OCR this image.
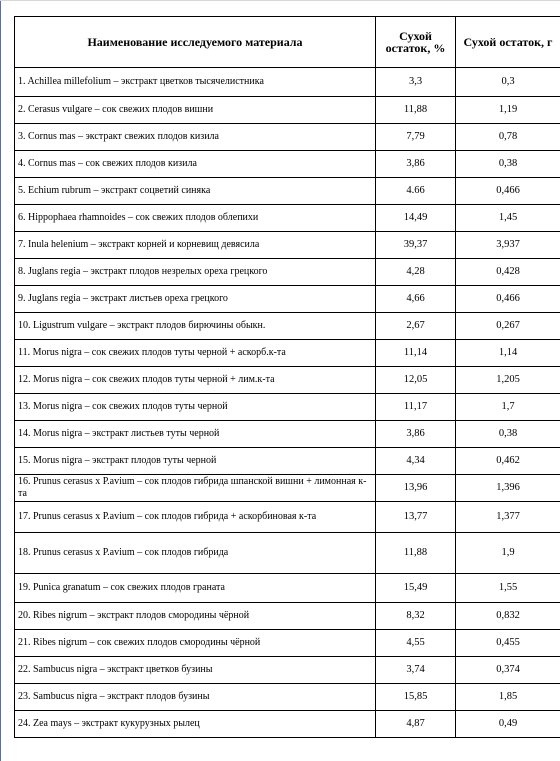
Наименование исследуемого материала	Сухой остаток, %	Сухой остаток, г
1. Achillea millefolium – экстракт цветков тысячелистника	3,3	0,3
2. Cerasus vulgare – сок свежих плодов вишни	11,88	1,19
3. Cornus mas – экстракт свежих плодов кизила	7,79	0,78
4. Cornus mas – сок свежих плодов кизила	3,86	0,38
5. Echium rubrum – экстракт соцветий синяка	4.66	0,466
6. Hippophaea rhamnoides – сок свежих плодов облепихи	14,49	1,45
7. Inula helenium – экстракт корней и корневищ девясила	39,37	3,937
8. Juglans regia – экстракт плодов незрелых ореха грецкого	4,28	0,428
9. Juglans regia – экстракт листьев ореха грецкого	4,66	0,466
10. Ligustrum vulgare – экстракт плодов бирючины обыкн.	2,67	0,267
11. Morus nigra – сок свежих плодов туты черной + аскорб.к-та	11,14	1,14
12. Morus nigra – сок свежих плодов туты черной + лим.к-та	12,05	1,205
13. Morus nigra – сок свежих плодов туты черной	11,17	1,7
14. Morus nigra – экстракт листьев туты черной	3,86	0,38
15. Morus nigra – экстракт плодов туты черной	4,34	0,462
16. Prunus cerasus x P.avium – сок плодов гибрида шпанской вишни + лимонная к-та	13,96	1,396
17. Prunus cerasus x P.avium – сок плодов гибрида + аскорбиновая к-та	13,77	1,377
18. Prunus cerasus x P.avium – сок плодов гибрида	11,88	1,9
19. Punica granatum – сок свежих плодов граната	15,49	1,55
20. Ribes nigrum – экстракт плодов смородины чёрной	8,32	0,832
21. Ribes nigrum – сок свежих плодов смородины чёрной	4,55	0,455
22. Sambucus nigra – экстракт цветков бузины	3,74	0,374
23. Sambucus nigra – экстракт плодов бузины	15,85	1,85
24. Zea mays – экстракт кукурузных рылец	4,87	0,49
